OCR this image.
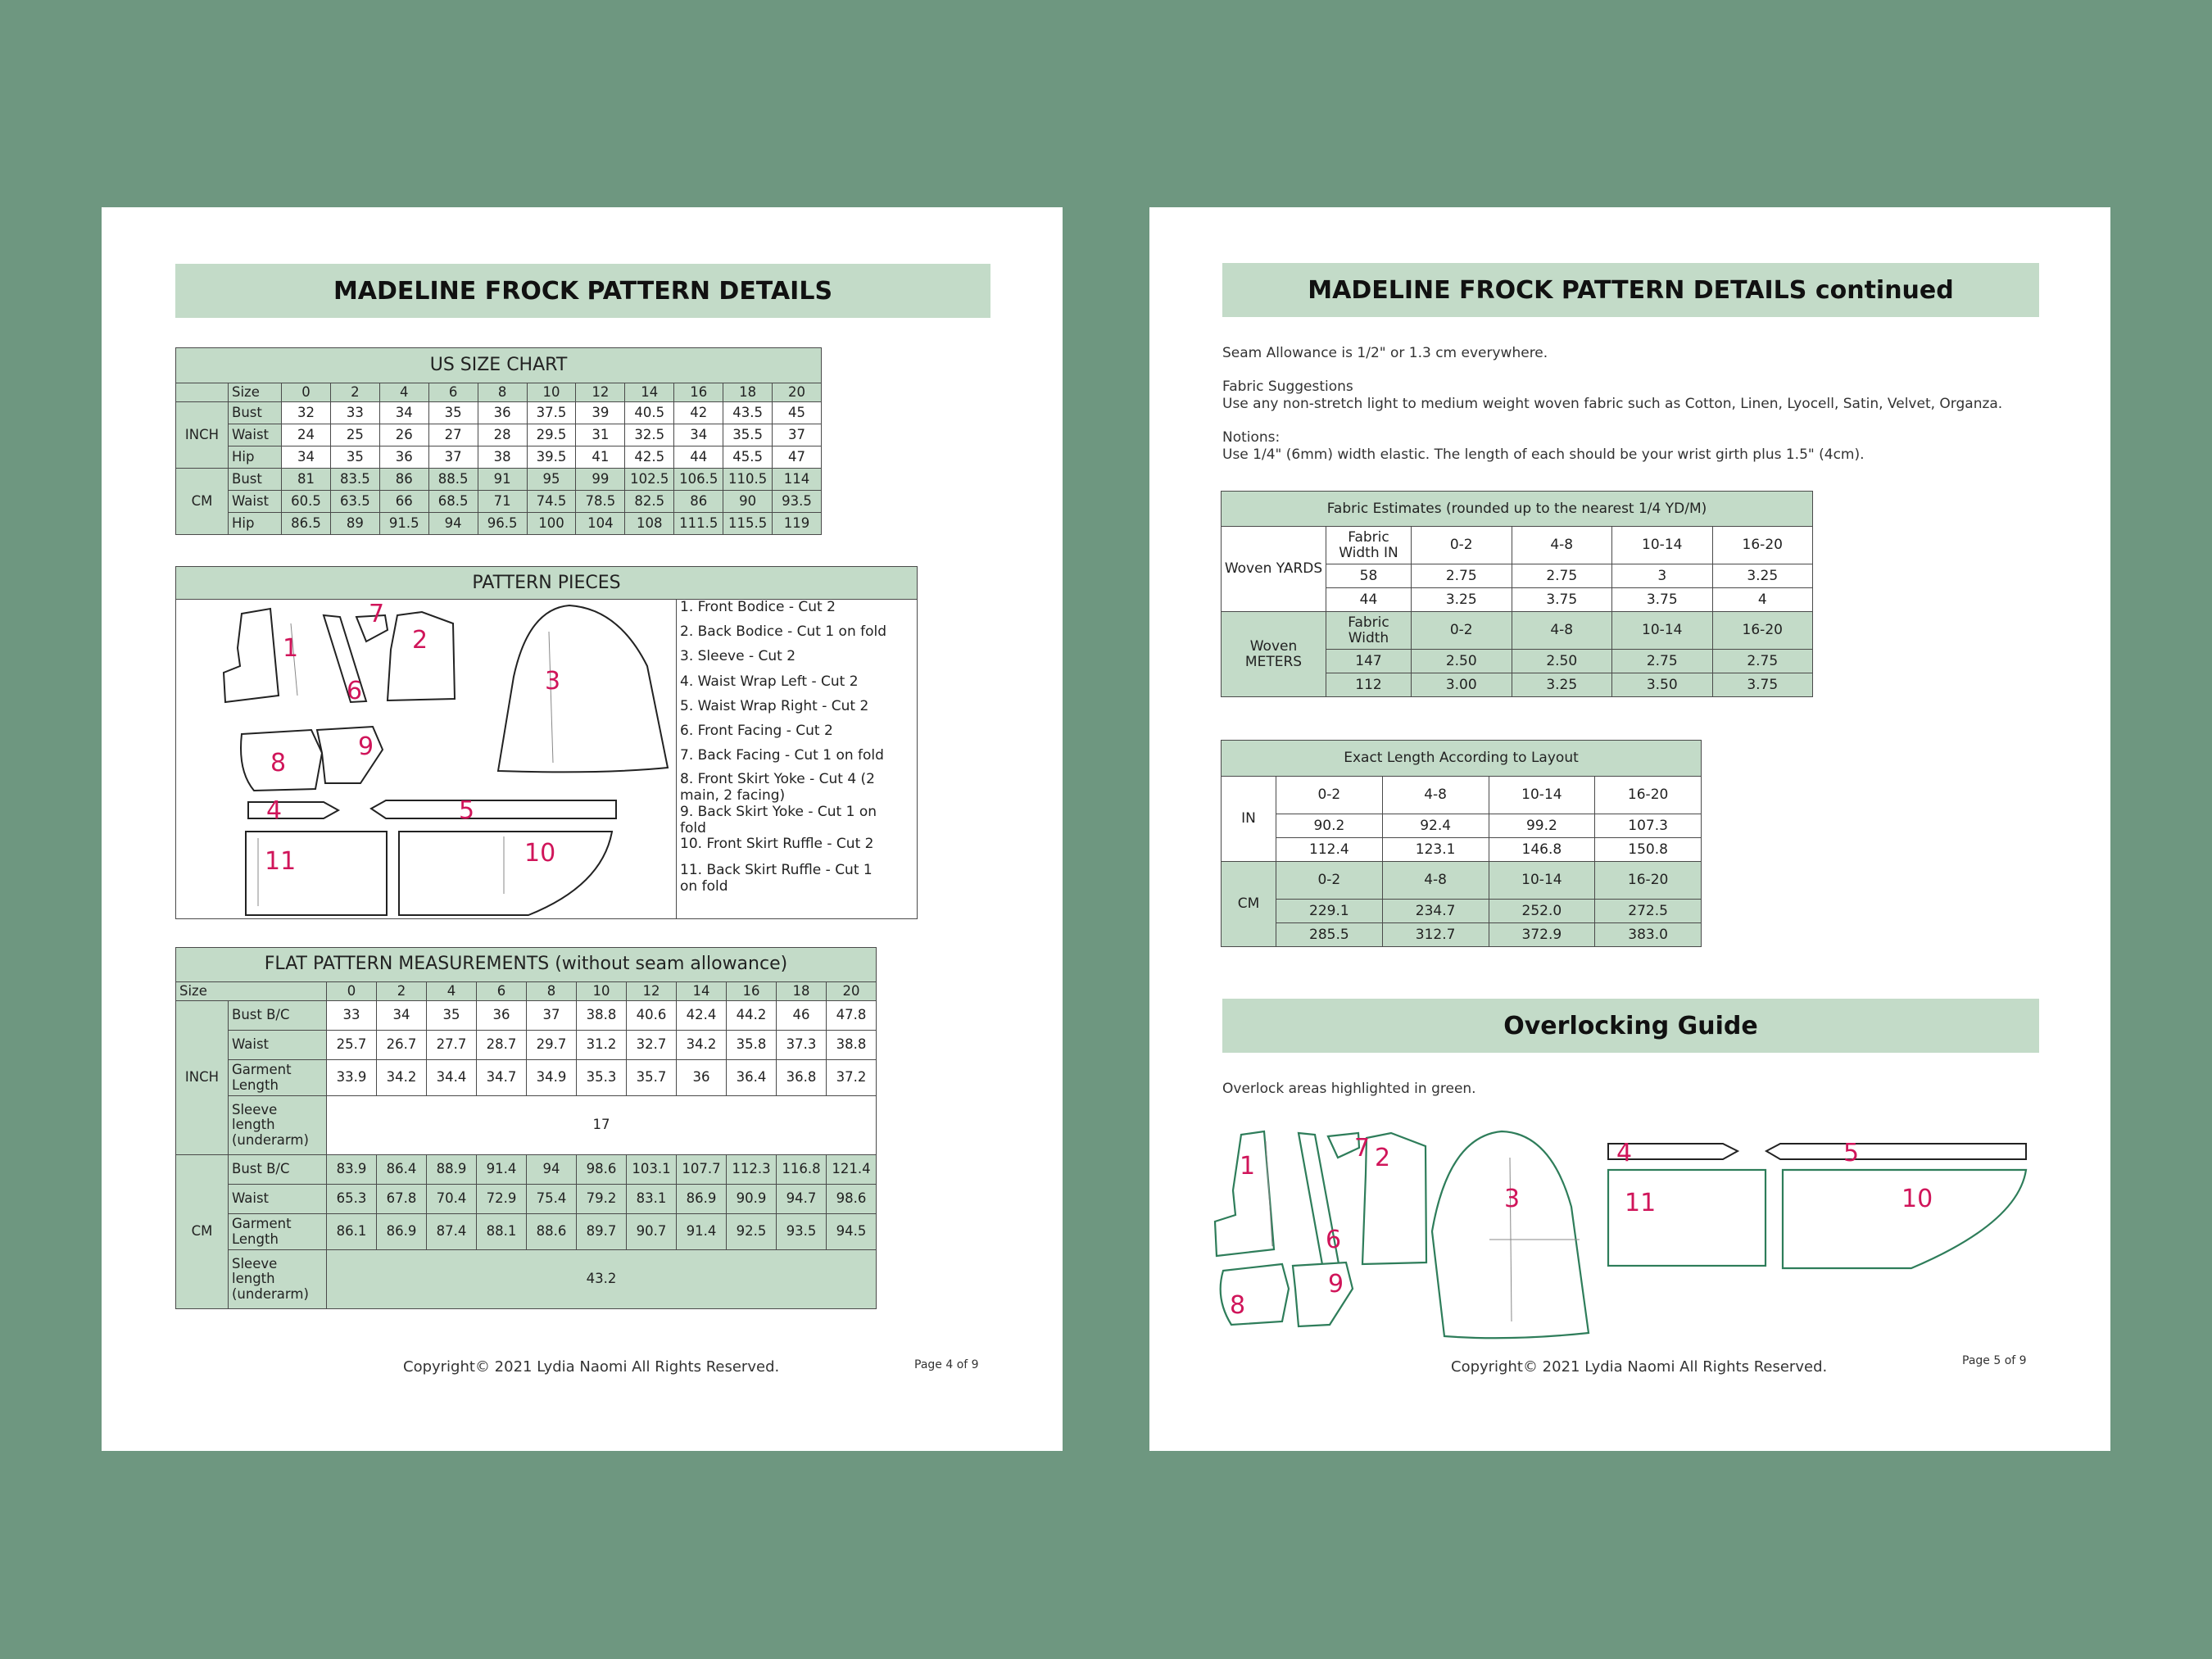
MADELINE FROCK PATTERN DETAILS
US SIZE CHART												
	Size	0	2	4	6	8	10	12	14	16	18	20
INCH	Bust	32	33	34	35	36	37.5	39	40.5	42	43.5	45
	Waist	24	25	26	27	28	29.5	31	32.5	34	35.5	37
	Hip	34	35	36	37	38	39.5	41	42.5	44	45.5	47
CM	Bust	81	83.5	86	88.5	91	95	99	102.5	106.5	110.5	114
	Waist	60.5	63.5	66	68.5	71	74.5	78.5	82.5	86	90	93.5
	Hip	86.5	89	91.5	94	96.5	100	104	108	111.5	115.5	119
PATTERN PIECES
1	2
3
4	5
6
7
8
9
10
11
1. Front Bodice - Cut 2
2. Back Bodice - Cut 1 on fold
3. Sleeve - Cut 2
4. Waist Wrap Left - Cut 2
5. Waist Wrap Right - Cut 2
6. Front Facing - Cut 2
7. Back Facing - Cut 1 on fold
8. Front Skirt Yoke - Cut 4 (2 main, 2 facing)
9. Back Skirt Yoke - Cut 1 on fold
10. Front Skirt Ruffle - Cut 2
11. Back Skirt Ruffle - Cut 1 on fold
FLAT PATTERN MEASUREMENTS (without seam allowance)												
Size		0	2	4	6	8	10	12	14	16	18	20
INCH	Bust B/C	33	34	35	36	37	38.8	40.6	42.4	44.2	46	47.8
	Waist	25.7	26.7	27.7	28.7	29.7	31.2	32.7	34.2	35.8	37.3	38.8
	Garment Length	33.9	34.2	34.4	34.7	34.9	35.3	35.7	36	36.4	36.8	37.2
	Sleeve length (underarm)	17										
CM	Bust B/C	83.9	86.4	88.9	91.4	94	98.6	103.1	107.7	112.3	116.8	121.4
	Waist	65.3	67.8	70.4	72.9	75.4	79.2	83.1	86.9	90.9	94.7	98.6
	Garment Length	86.1	86.9	87.4	88.1	88.6	89.7	90.7	91.4	92.5	93.5	94.5
	Sleeve length (underarm)	43.2										
Copyright© 2021 Lydia Naomi All Rights Reserved.	Page 4 of 9
MADELINE FROCK PATTERN DETAILS continued
Seam Allowance is 1/2" or 1.3 cm everywhere.
Fabric Suggestions
Use any non-stretch light to medium weight woven fabric such as Cotton, Linen, Lyocell, Satin, Velvet, Organza.
Notions:
Use 1/4" (6mm) width elastic. The length of each should be your wrist girth plus 1.5" (4cm).
Fabric Estimates (rounded up to the nearest 1/4 YD/M)					
Woven YARDS	Fabric Width IN	0-2	4-8	10-14	16-20
	58	2.75	2.75	3	3.25
	44	3.25	3.75	3.75	4
Woven METERS	Fabric Width	0-2	4-8	10-14	16-20
	147	2.50	2.50	2.75	2.75
	112	3.00	3.25	3.50	3.75
Exact Length According to Layout				
IN	0-2	4-8	10-14	16-20
	90.2	92.4	99.2	107.3
	112.4	123.1	146.8	150.8
CM	0-2	4-8	10-14	16-20
	229.1	234.7	252.0	272.5
	285.5	312.7	372.9	383.0
Overlocking Guide
Overlock areas highlighted in green.
1	2
3
4	5
6
7
8
9
10
11
Copyright© 2021 Lydia Naomi All Rights Reserved.	Page 5 of 9
